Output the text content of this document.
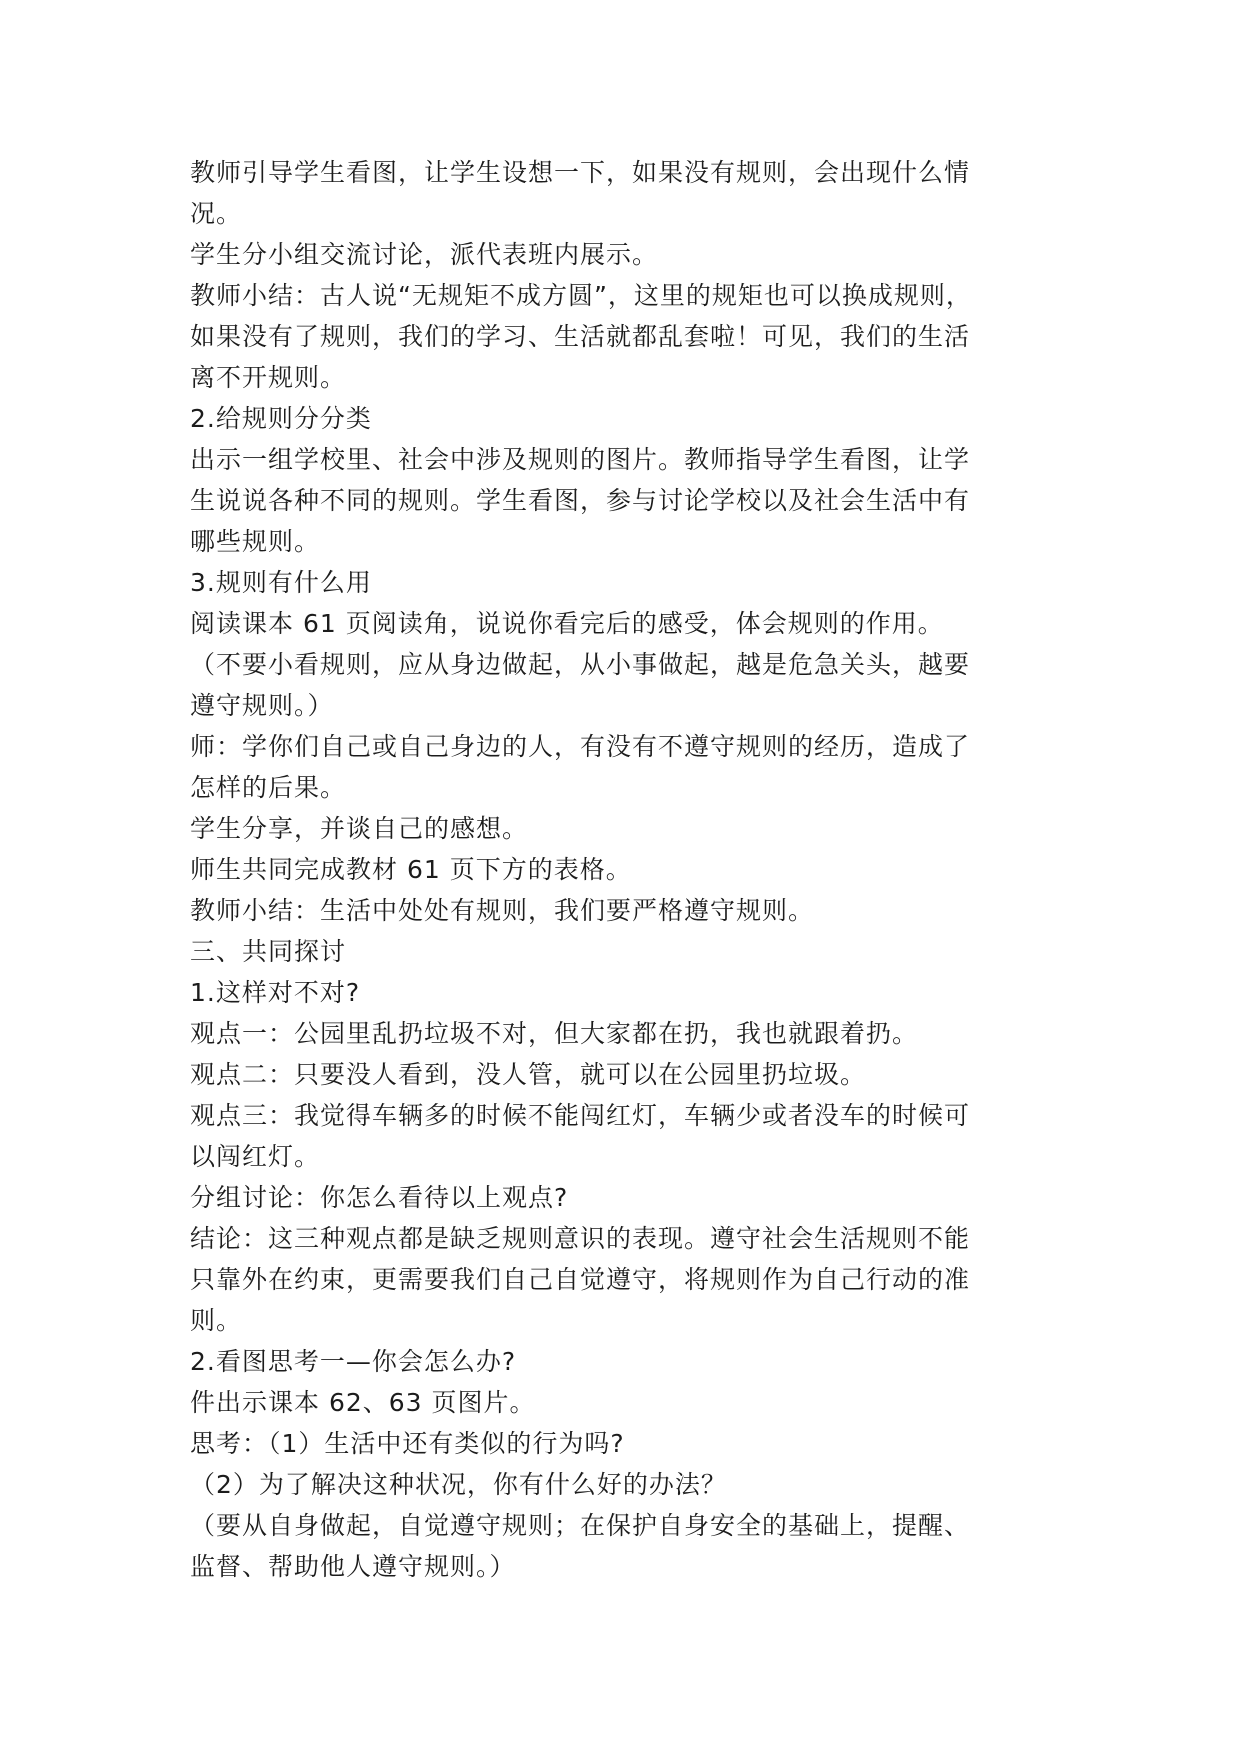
教师引导学生看图，让学生设想一下，如果没有规则，会出现什么情

况。

学生分小组交流讨论，派代表班内展示。

教师小结：古人说“无规矩不成方圆”，这里的规矩也可以换成规则，

如果没有了规则，我们的学习、生活就都乱套啦！可见，我们的生活

离不开规则。

2.给规则分分类

出示一组学校里、社会中涉及规则的图片。教师指导学生看图，让学

生说说各种不同的规则。学生看图，参与讨论学校以及社会生活中有

哪些规则。

3.规则有什么用

阅读课本 61 页阅读角，说说你看完后的感受，体会规则的作用。

（不要小看规则，应从身边做起，从小事做起，越是危急关头，越要

遵守规则。）

师：学你们自己或自己身边的人，有没有不遵守规则的经历，造成了

怎样的后果。

学生分享，并谈自己的感想。

师生共同完成教材 61 页下方的表格。

教师小结：生活中处处有规则，我们要严格遵守规则。

三、共同探讨

1.这样对不对?

观点一：公园里乱扔垃圾不对，但大家都在扔，我也就跟着扔。

观点二：只要没人看到，没人管，就可以在公园里扔垃圾。

观点三：我觉得车辆多的时候不能闯红灯，车辆少或者没车的时候可

以闯红灯。

分组讨论：你怎么看待以上观点?

结论：这三种观点都是缺乏规则意识的表现。遵守社会生活规则不能

只靠外在约束，更需要我们自己自觉遵守，将规则作为自己行动的准

则。

2.看图思考一—你会怎么办?

件出示课本 62、63 页图片。

思考：（1）生活中还有类似的行为吗?

（2）为了解决这种状况，你有什么好的办法？

（要从自身做起，自觉遵守规则；在保护自身安全的基础上，提醒、

监督、帮助他人遵守规则。）
